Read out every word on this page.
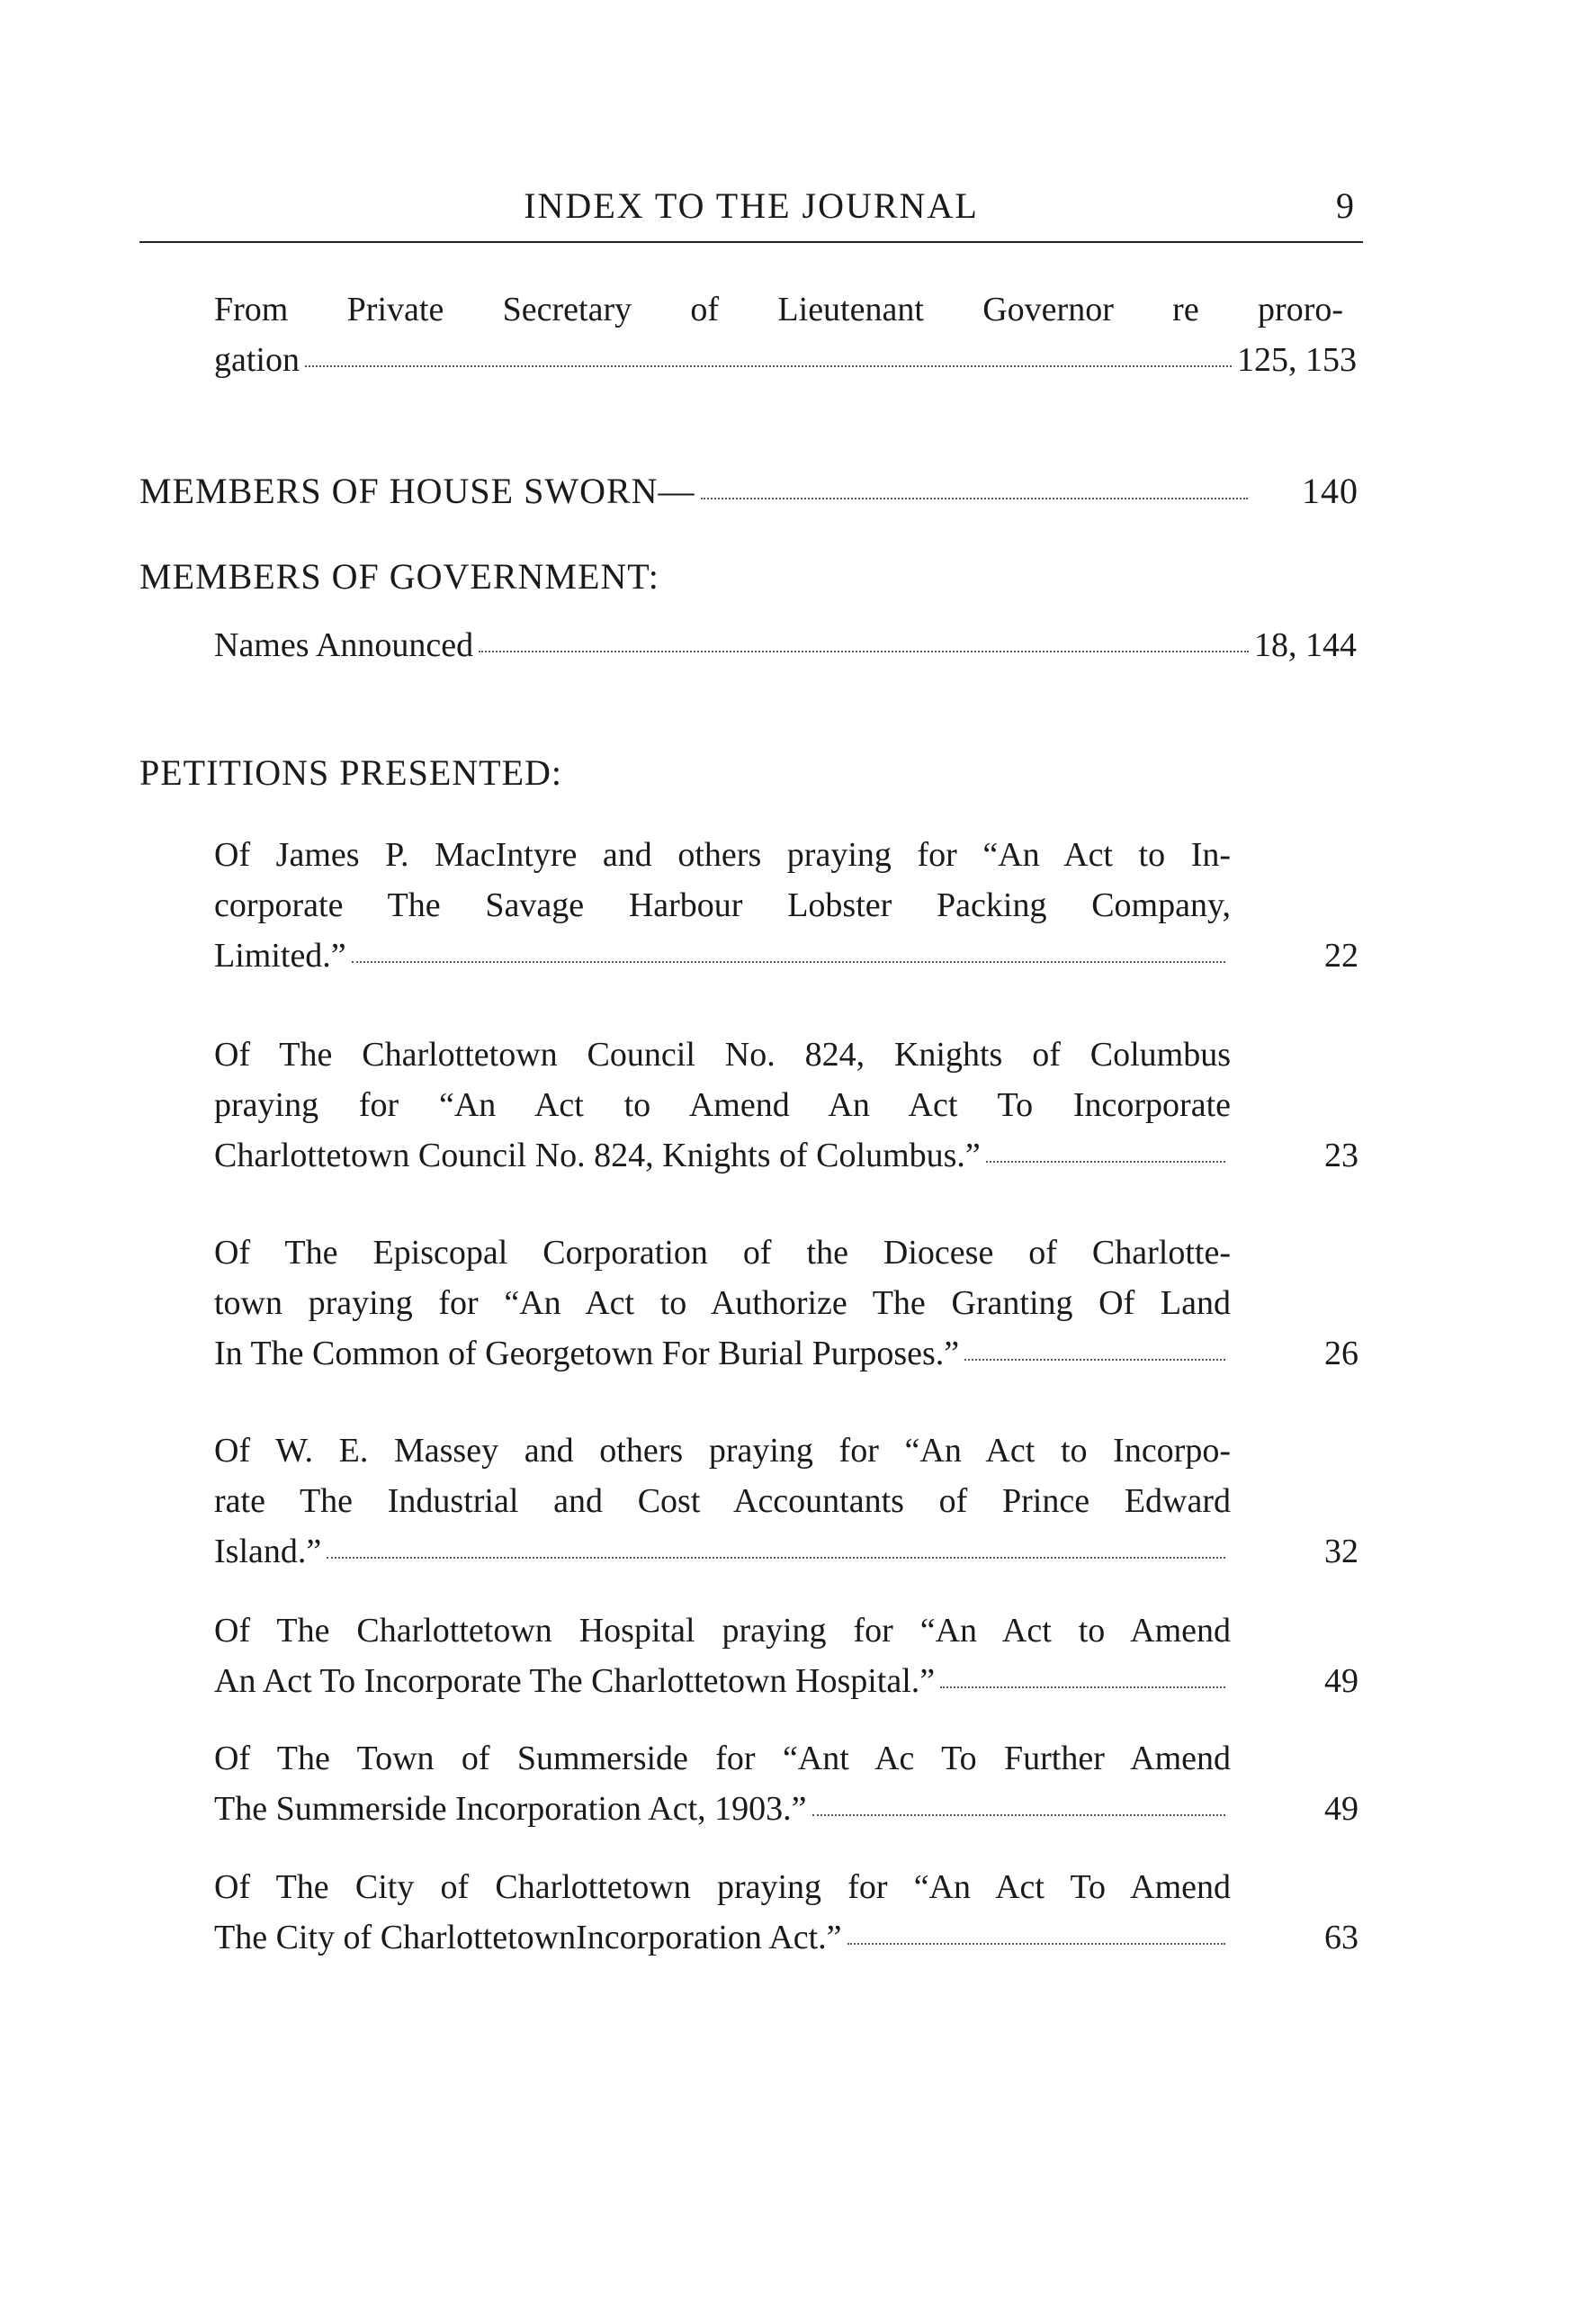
INDEX TO THE JOURNAL	9
From Private Secretary of Lieutenant Governor re proro-
gation	125, 153
MEMBERS OF HOUSE SWORN—	140
MEMBERS OF GOVERNMENT:
Names Announced	18, 144
PETITIONS PRESENTED:
Of James P. MacIntyre and others praying for “An Act to In-
corporate The Savage Harbour Lobster Packing Company,
Limited.”	22
Of The Charlottetown Council No. 824, Knights of Columbus
praying for “An Act to Amend An Act To Incorporate
Charlottetown Council No. 824, Knights of Columbus.”	23
Of The Episcopal Corporation of the Diocese of Charlotte-
town praying for “An Act to Authorize The Granting Of Land
In The Common of Georgetown For Burial Purposes.”	26
Of W. E. Massey and others praying for “An Act to Incorpo-
rate The Industrial and Cost Accountants of Prince Edward
Island.”	32
Of The Charlottetown Hospital praying for “An Act to Amend
An Act To Incorporate The Charlottetown Hospital.”	49
Of The Town of Summerside for “Ant Ac To Further Amend
The Summerside Incorporation Act, 1903.”	49
Of The City of Charlottetown praying for “An Act To Amend
The City of CharlottetownIncorporation Act.”	63
